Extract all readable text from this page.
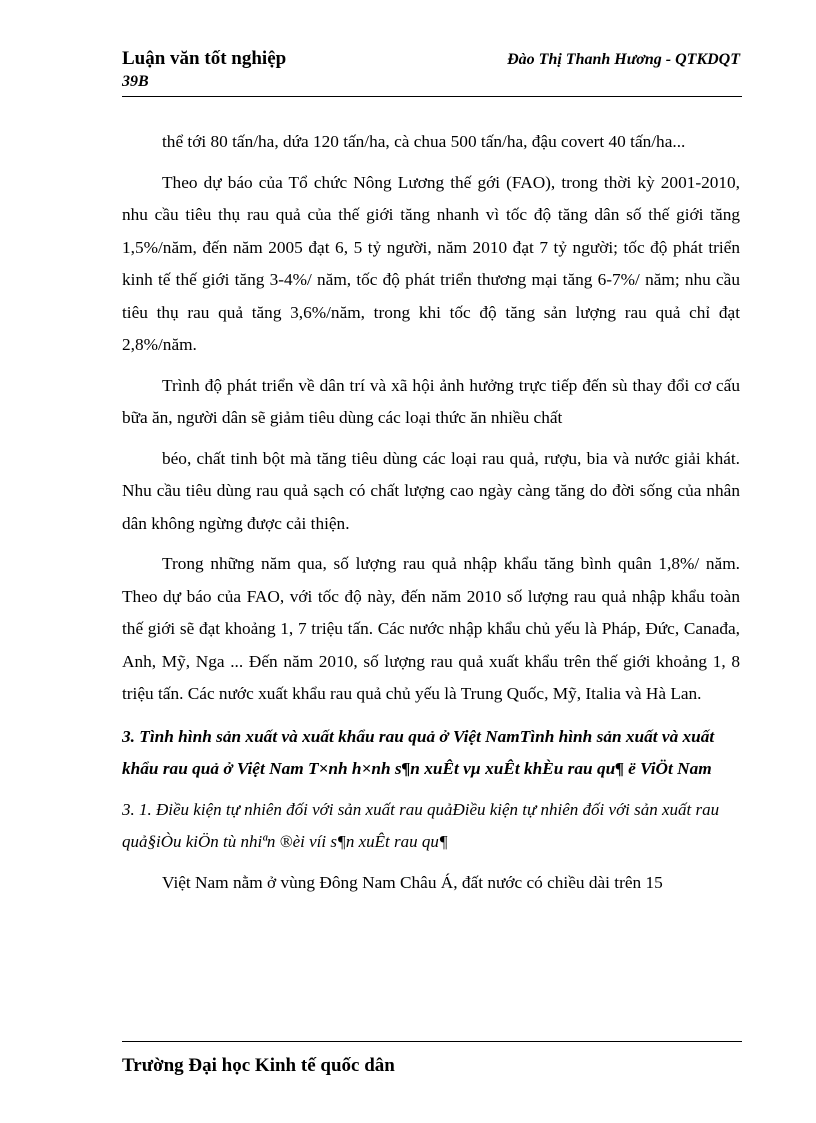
Luận văn tốt nghiệp
39B
Đào Thị Thanh Hương - QTKDQT

thể tới 80 tấn/ha, dứa 120 tấn/ha, cà chua 500 tấn/ha, đậu covert 40 tấn/ha...

Theo dự báo của Tổ chức Nông Lương thế gới (FAO), trong thời kỳ 2001-2010, nhu cầu tiêu thụ rau quả của thế giới tăng nhanh vì tốc độ tăng dân số thế giới tăng 1,5%/năm, đến năm 2005 đạt 6, 5 tỷ người, năm 2010 đạt 7 tỷ người; tốc độ phát triển kinh tế thế giới tăng 3-4%/ năm, tốc độ phát triển thương mại tăng 6-7%/ năm; nhu cầu tiêu thụ rau quả tăng 3,6%/năm, trong khi tốc độ tăng sản lượng rau quả chỉ đạt 2,8%/năm.

Trình độ phát triển về dân trí và xã hội ảnh hưởng trực tiếp đến sù thay đổi cơ cấu bữa ăn, người dân sẽ giảm tiêu dùng các loại thức ăn nhiều chất

béo, chất tinh bột mà tăng tiêu dùng các loại rau quả, rượu, bia và nước giải khát. Nhu cầu tiêu dùng rau quả sạch có chất lượng cao ngày càng tăng do đời sống của nhân dân không ngừng được cải thiện.

Trong những năm qua, số lượng rau quả nhập khẩu tăng bình quân 1,8%/ năm. Theo dự báo của FAO, với tốc độ này, đến năm 2010 số lượng rau quả nhập khẩu toàn thế giới sẽ đạt khoảng 1, 7 triệu tấn. Các nước nhập khẩu chủ yếu là Pháp, Đức, Canađa, Anh, Mỹ, Nga ... Đến năm 2010, số lượng rau quả xuất khẩu trên thế giới khoảng 1, 8 triệu tấn. Các nước xuất khẩu rau quả chủ yếu là Trung Quốc, Mỹ, Italia và Hà Lan.

3. Tình hình sản xuất và xuất khẩu rau quả ở Việt NamTình hình sản xuất và xuất khẩu rau quả ở Việt Nam T×nh h×nh s¶n xuÊt vµ xuÊt khÈu rau qu¶ ë ViÖt Nam

3. 1. Điều kiện tự nhiên đối với sản xuất rau quảĐiều kiện tự nhiên đối với sản xuất rau quả§iÒu kiÖn tù nhiªn ®èi víi s¶n xuÊt rau qu¶

Việt Nam nằm ở vùng Đông Nam Châu Á, đất nước có chiều dài trên 15

Trường Đại học Kinh tế quốc dân
